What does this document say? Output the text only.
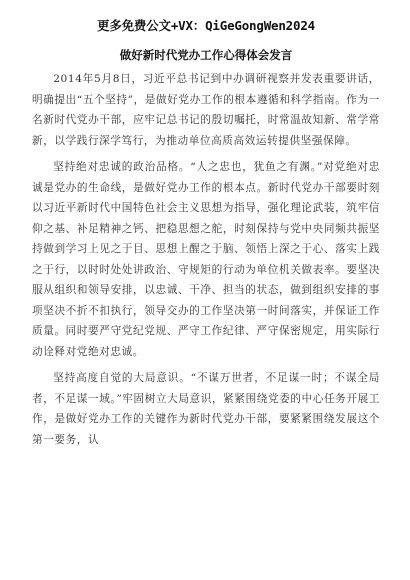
更多免费公文+VX：QiGeGongWen2024
做好新时代党办工作心得体会发言

2014年5月8日，习近平总书记到中办调研视察并发表重要讲话，明确提出“五个坚持”，是做好党办工作的根本遵循和科学指南。作为一名新时代党办干部，应牢记总书记的殷切嘱托，时常温故知新、常学常新，以学践行深学笃行，为推动单位高质高效运转提供坚强保障。

坚持绝对忠诚的政治品格。“人之忠也，犹鱼之有渊。”对党绝对忠诚是党办的生命线，是做好党办工作的根本点。新时代党办干部要时刻以习近平新时代中国特色社会主义思想为指导，强化理论武装，筑牢信仰之基、补足精神之钙、把稳思想之舵，时刻保持与党中央同频共振坚持做到学习上见之于目、思想上醒之于脑、领悟上深之于心、落实上践之于行，以时时处处讲政治、守规矩的行动为单位机关做表率。要坚决服从组织和领导安排，以忠诚、干净、担当的状态，做到组织安排的事项坚决不折不扣执行，领导交办的工作坚决第一时间落实，并保证工作质量。同时要严守党纪党规、严守工作纪律、严守保密规定，用实际行动诠释对党绝对忠诚。

坚持高度自觉的大局意识。“不谋万世者，不足谋一时；不谋全局者，不足谋一域。”牢固树立大局意识，紧紧围绕党委的中心任务开展工作，是做好党办工作的关键作为新时代党办干部，要紧紧围绕发展这个第一要务，认
